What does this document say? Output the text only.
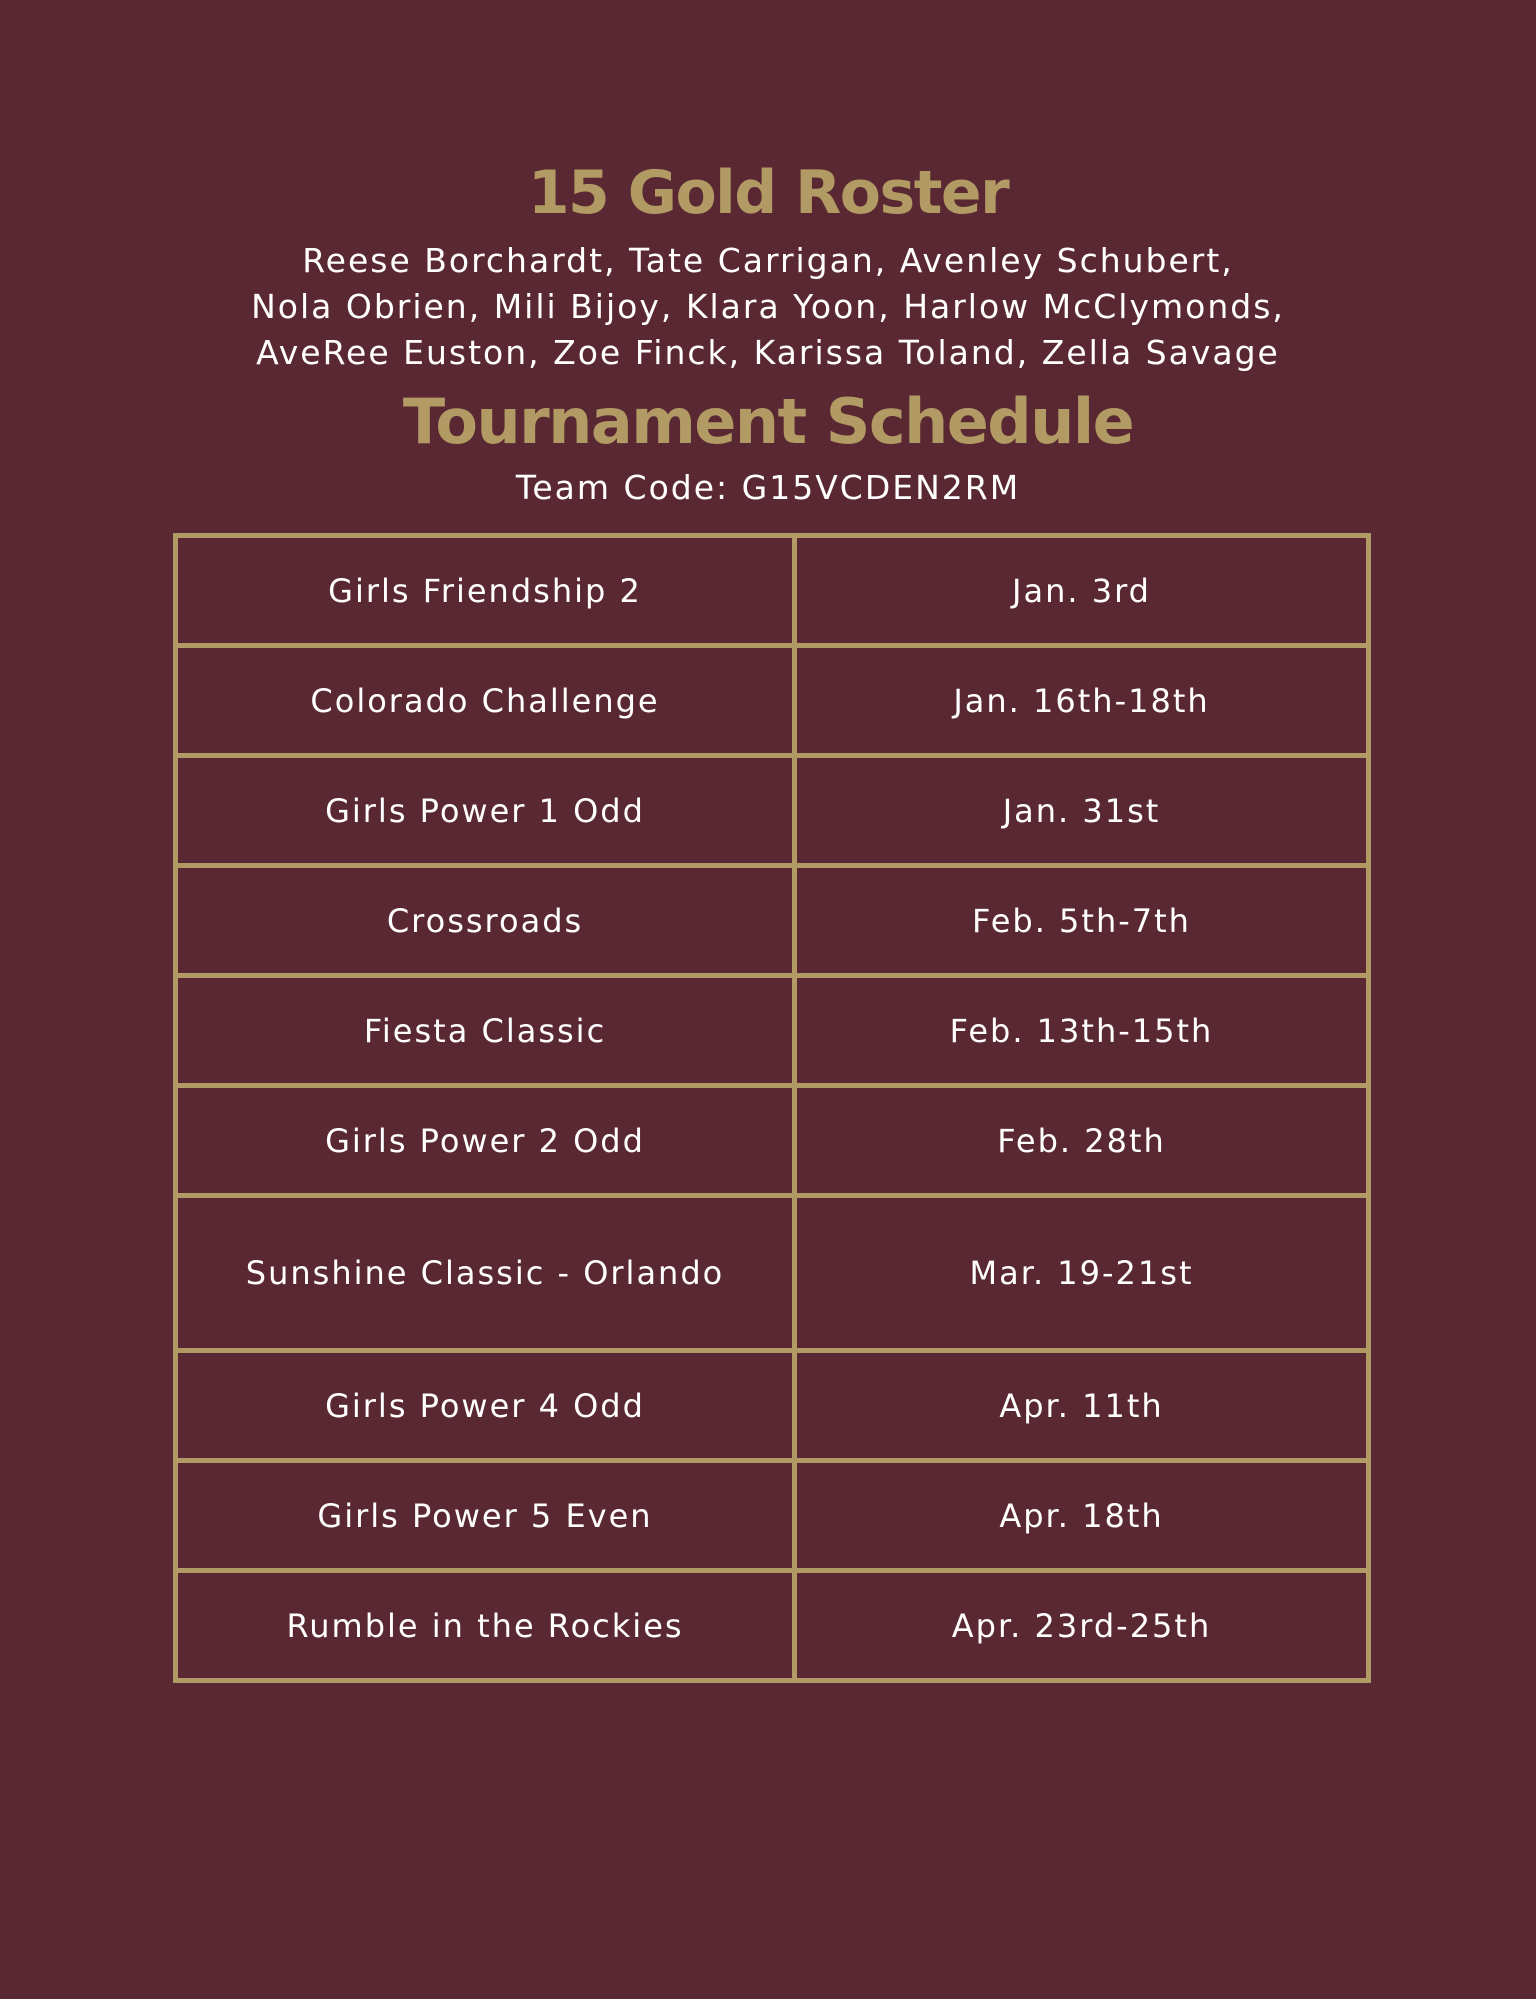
15 Gold Roster
Reese Borchardt, Tate Carrigan, Avenley Schubert,
Nola Obrien, Mili Bijoy, Klara Yoon, Harlow McClymonds,
AveRee Euston, Zoe Finck, Karissa Toland, Zella Savage
Tournament Schedule
Team Code: G15VCDEN2RM
Girls Friendship 2	Jan. 3rd
Colorado Challenge	Jan. 16th-18th
Girls Power 1 Odd	Jan. 31st
Crossroads	Feb. 5th-7th
Fiesta Classic	Feb. 13th-15th
Girls Power 2 Odd	Feb. 28th
Sunshine Classic - Orlando	Mar. 19-21st
Girls Power 4 Odd	Apr. 11th
Girls Power 5 Even	Apr. 18th
Rumble in the Rockies	Apr. 23rd-25th
